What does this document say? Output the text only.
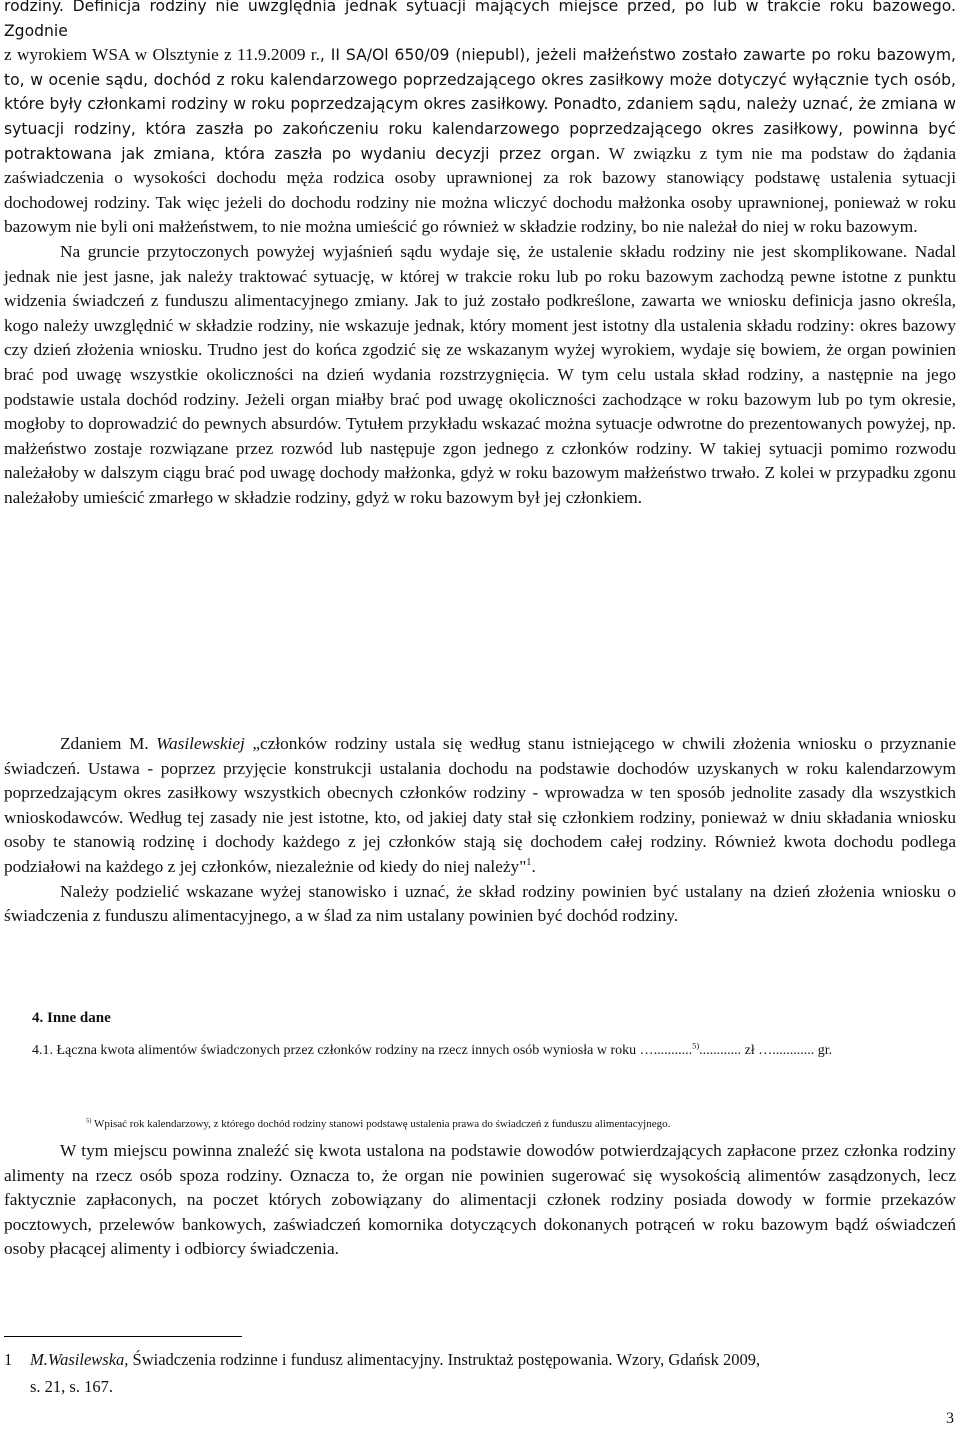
rodziny. Definicja rodziny nie uwzględnia jednak sytuacji mających miejsce przed, po lub w trakcie roku bazowego. Zgodnie
z wyrokiem WSA w Olsztynie z 11.9.2009 r., II SA/Ol 650/09 (niepubl), jeżeli małżeństwo zostało zawarte po roku bazowym, to, w ocenie sądu, dochód z roku kalendarzowego poprzedzającego okres zasiłkowy może dotyczyć wyłącznie tych osób, które były członkami rodziny w roku poprzedzającym okres zasiłkowy. Ponadto, zdaniem sądu, należy uznać, że zmiana w sytuacji rodziny, która zaszła po zakończeniu roku kalendarzowego poprzedzającego okres zasiłkowy, powinna być potraktowana jak zmiana, która zaszła po wydaniu decyzji przez organ. W związku z tym nie ma podstaw do żądania zaświadczenia o wysokości dochodu męża rodzica osoby uprawnionej za rok bazowy stanowiący podstawę ustalenia sytuacji dochodowej rodziny. Tak więc jeżeli do dochodu rodziny nie można wliczyć dochodu małżonka osoby uprawnionej, ponieważ w roku bazowym nie byli oni małżeństwem, to nie można umieścić go również w składzie rodziny, bo nie należał do niej w roku bazowym.

Na gruncie przytoczonych powyżej wyjaśnień sądu wydaje się, że ustalenie składu rodziny nie jest skomplikowane. Nadal jednak nie jest jasne, jak należy traktować sytuację, w której w trakcie roku lub po roku bazowym zachodzą pewne istotne z punktu widzenia świadczeń z funduszu alimentacyjnego zmiany. Jak to już zostało podkreślone, zawarta we wniosku definicja jasno określa, kogo należy uwzględnić w składzie rodziny, nie wskazuje jednak, który moment jest istotny dla ustalenia składu rodziny: okres bazowy czy dzień złożenia wniosku. Trudno jest do końca zgodzić się ze wskazanym wyżej wyrokiem, wydaje się bowiem, że organ powinien brać pod uwagę wszystkie okoliczności na dzień wydania rozstrzygnięcia. W tym celu ustala skład rodziny, a następnie na jego podstawie ustala dochód rodziny. Jeżeli organ miałby brać pod uwagę okoliczności zachodzące w roku bazowym lub po tym okresie, mogłoby to doprowadzić do pewnych absurdów. Tytułem przykładu wskazać można sytuacje odwrotne do prezentowanych powyżej, np. małżeństwo zostaje rozwiązane przez rozwód lub następuje zgon jednego z członków rodziny. W takiej sytuacji pomimo rozwodu należałoby w dalszym ciągu brać pod uwagę dochody małżonka, gdyż w roku bazowym małżeństwo trwało. Z kolei w przypadku zgonu należałoby umieścić zmarłego w składzie rodziny, gdyż w roku bazowym był jej członkiem.

Zdaniem M. Wasilewskiej „członków rodziny ustala się według stanu istniejącego w chwili złożenia wniosku o przyznanie świadczeń. Ustawa - poprzez przyjęcie konstrukcji ustalania dochodu na podstawie dochodów uzyskanych w roku kalendarzowym poprzedzającym okres zasiłkowy wszystkich obecnych członków rodziny - wprowadza w ten sposób jednolite zasady dla wszystkich wnioskodawców. Według tej zasady nie jest istotne, kto, od jakiej daty stał się członkiem rodziny, ponieważ w dniu składania wniosku osoby te stanowią rodzinę i dochody każdego z jej członków stają się dochodem całej rodziny. Również kwota dochodu podlega podziałowi na każdego z jej członków, niezależnie od kiedy do niej należy"$^1$.

Należy podzielić wskazane wyżej stanowisko i uznać, że skład rodziny powinien być ustalany na dzień złożenia wniosku o świadczenia z funduszu alimentacyjnego, a w ślad za nim ustalany powinien być dochód rodziny.

4. Inne dane
4.1. Łączna kwota alimentów świadczonych przez członków rodziny na rzecz innych osób wyniosła w roku …...........$^{5)}$............ zł …............ gr.
$^{5)}$ Wpisać rok kalendarzowy, z którego dochód rodziny stanowi podstawę ustalenia prawa do świadczeń z funduszu alimentacyjnego.

W tym miejscu powinna znaleźć się kwota ustalona na podstawie dowodów potwierdzających zapłacone przez członka rodziny alimenty na rzecz osób spoza rodziny. Oznacza to, że organ nie powinien sugerować się wysokością alimentów zasądzonych, lecz faktycznie zapłaconych, na poczet których zobowiązany do alimentacji członek rodziny posiada dowody w formie przekazów pocztowych, przelewów bankowych, zaświadczeń komornika dotyczących dokonanych potrąceń w roku bazowym bądź oświadczeń osoby płacącej alimenty i odbiorcy świadczenia.

1 M.Wasilewska, Świadczenia rodzinne i fundusz alimentacyjny. Instruktaż postępowania. Wzory, Gdańsk 2009,
s. 21, s. 167.
3
